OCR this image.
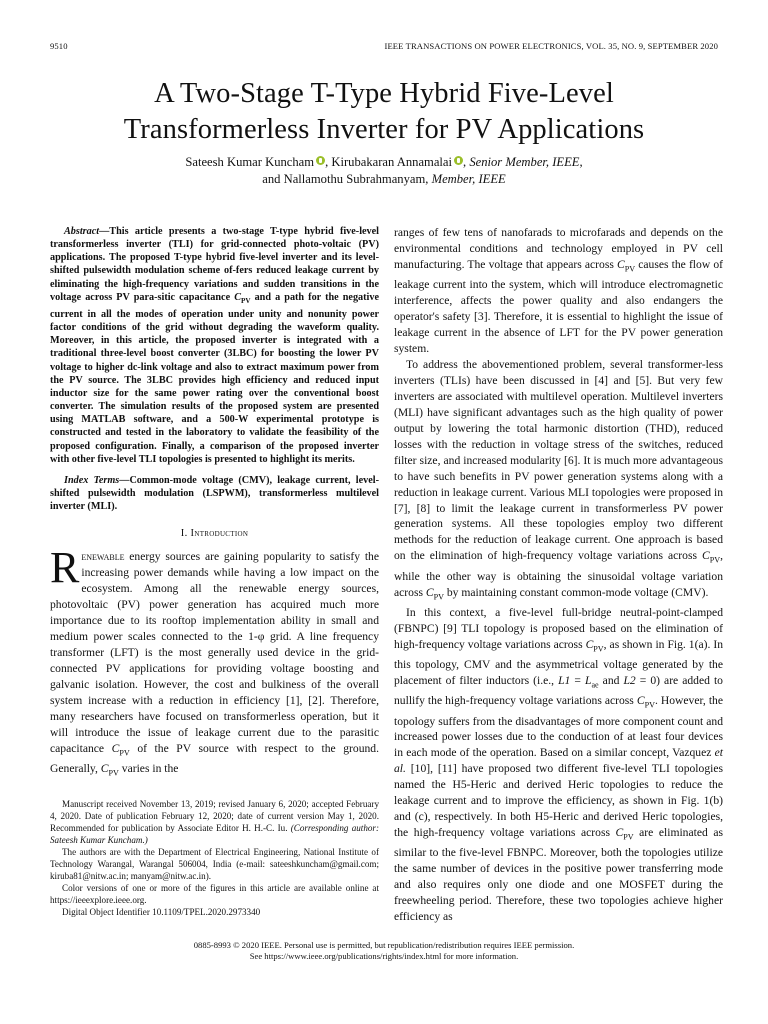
9510	IEEE TRANSACTIONS ON POWER ELECTRONICS, VOL. 35, NO. 9, SEPTEMBER 2020
A Two-Stage T-Type Hybrid Five-Level
Transformerless Inverter for PV Applications
Sateesh Kumar Kuncham , Kirubakaran Annamalai , Senior Member, IEEE,
and Nallamothu Subrahmanyam, Member, IEEE

Abstract—This article presents a two-stage T-type hybrid five-level transformerless inverter (TLI) for grid-connected photo-voltaic (PV) applications. The proposed T-type hybrid five-level inverter and its level-shifted pulsewidth modulation scheme of-fers reduced leakage current by eliminating the high-frequency variations and sudden transitions in the voltage across PV para-sitic capacitance $C_{PV}$ and a path for the negative current in all the modes of operation under unity and nonunity power factor conditions of the grid without degrading the waveform quality. Moreover, in this article, the proposed inverter is integrated with a traditional three-level boost converter (3LBC) for boosting the lower PV voltage to higher dc-link voltage and also to extract maximum power from the PV source. The 3LBC provides high efficiency and reduced input inductor size for the same power rating over the conventional boost converter. The simulation results of the proposed system are presented using MATLAB software, and a 500-W experimental prototype is constructed and tested in the laboratory to validate the feasibility of the proposed configuration. Finally, a comparison of the proposed inverter with other five-level TLI topologies is presented to highlight its merits.

Index Terms—Common-mode voltage (CMV), leakage current, level-shifted pulsewidth modulation (LSPWM), transformerless multilevel inverter (MLI).

I. Introduction

Renewable energy sources are gaining popularity to satisfy the increasing power demands while having a low impact on the ecosystem. Among all the renewable energy sources, photovoltaic (PV) power generation has acquired much more importance due to its rooftop implementation ability in small and medium power scales connected to the 1-φ grid. A line frequency transformer (LFT) is the most generally used device in the grid-connected PV applications for providing voltage boosting and galvanic isolation. However, the cost and bulkiness of the overall system increase with a reduction in efficiency [1], [2]. Therefore, many researchers have focused on transformerless operation, but it will introduce the issue of leakage current due to the parasitic capacitance $C_{PV}$ of the PV source with respect to the ground. Generally, $C_{PV}$ varies in the

Manuscript received November 13, 2019; revised January 6, 2020; accepted February 4, 2020. Date of publication February 12, 2020; date of current version May 1, 2020. Recommended for publication by Associate Editor H. H.-C. Iu. (Corresponding author: Sateesh Kumar Kuncham.)

The authors are with the Department of Electrical Engineering, National Institute of Technology Warangal, Warangal 506004, India (e-mail: sateeshkuncham@gmail.com; kiruba81@nitw.ac.in; manyam@nitw.ac.in).

Color versions of one or more of the figures in this article are available online at https://ieeexplore.ieee.org.

Digital Object Identifier 10.1109/TPEL.2020.2973340

ranges of few tens of nanofarads to microfarads and depends on the environmental conditions and technology employed in PV cell manufacturing. The voltage that appears across $C_{PV}$ causes the flow of leakage current into the system, which will introduce electromagnetic interference, affects the power quality and also endangers the operator's safety [3]. Therefore, it is essential to highlight the issue of leakage current in the absence of LFT for the PV power generation system.

To address the abovementioned problem, several transformer-less inverters (TLIs) have been discussed in [4] and [5]. But very few inverters are associated with multilevel operation. Multilevel inverters (MLI) have significant advantages such as the high quality of power output by lowering the total harmonic distortion (THD), reduced losses with the reduction in voltage stress of the switches, reduced filter size, and increased modularity [6]. It is much more advantageous to have such benefits in PV power generation systems along with a reduction in leakage current. Various MLI topologies were proposed in [7], [8] to limit the leakage current in transformerless PV power generation systems. All these topologies employ two different methods for the reduction of leakage current. One approach is based on the elimination of high-frequency voltage variations across $C_{PV}$, while the other way is obtaining the sinusoidal voltage variation across $C_{PV}$ by maintaining constant common-mode voltage (CMV).

In this context, a five-level full-bridge neutral-point-clamped (FBNPC) [9] TLI topology is proposed based on the elimination of high-frequency voltage variations across $C_{PV}$, as shown in Fig. 1(a). In this topology, CMV and the asymmetrical voltage generated by the placement of filter inductors (i.e., $L1 = L_{ae}$ and L2 = 0) are added to nullify the high-frequency voltage variations across $C_{PV}$. However, the topology suffers from the disadvantages of more component count and increased power losses due to the conduction of at least four devices in each mode of the operation. Based on a similar concept, Vazquez et al. [10], [11] have proposed two different five-level TLI topologies named the H5-Heric and derived Heric topologies to reduce the leakage current and to improve the efficiency, as shown in Fig. 1(b) and (c), respectively. In both H5-Heric and derived Heric topologies, the high-frequency voltage variations across $C_{PV}$ are eliminated as similar to the five-level FBNPC. Moreover, both the topologies utilize the same number of devices in the positive power transferring mode and also requires only one diode and one MOSFET during the freewheeling period. Therefore, these two topologies achieve higher efficiency as

0885-8993 © 2020 IEEE. Personal use is permitted, but republication/redistribution requires IEEE permission.
See https://www.ieee.org/publications/rights/index.html for more information.
